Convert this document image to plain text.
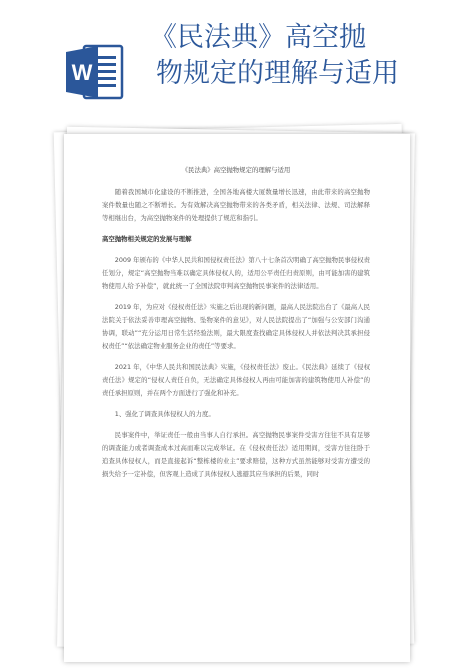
W
《民法典》高空抛
物规定的理解与适用
《民法典》高空抛物规定的理解与适用

随着我国城市化建设的不断推进，全国各地高楼大厦数量增长迅速，由此带来的高空抛物案件数量也随之不断增长。为有效解决高空抛物带来的各类矛盾，相关法律、法规、司法解释等相继出台，为高空抛物案件的处理提供了规范和指引。

高空抛物相关规定的发展与理解

2009 年颁布的《中华人民共和国侵权责任法》第八十七条首次明确了高空抛物民事侵权责任划分，规定“高空抛物当难以确定具体侵权人的，适用公平责任归责原则，由可能加害的建筑物使用人给予补偿”，就此统一了全国法院审判高空抛物民事案件的法律适用。

2019 年，为应对《侵权责任法》实施之后出现的新问题，最高人民法院出台了《最高人民法院关于依法妥善审理高空抛物、坠物案件的意见》，对人民法院提出了“加强与公安部门沟通协调，联动”“充分运用日常生活经验法则，最大限度查找确定具体侵权人并依法判决其承担侵权责任”“依法确定物业服务企业的责任”等要求。

2021 年，《中华人民共和国民法典》实施，《侵权责任法》废止。《民法典》延续了《侵权责任法》规定的“侵权人责任自负，无法确定具体侵权人再由可能加害的建筑物使用人补偿”的责任承担原则，并在两个方面进行了强化和补充。

1、强化了调查具体侵权人的力度。

民事案件中，举证责任一般由当事人自行承担。高空抛物民事案件受害方往往不具有足够的调查能力或者调查成本过高而难以完成举证。在《侵权责任法》适用期间，受害方往往卧于追查具体侵权人，而是直接起诉“整栋楼的业主”要求赔偿，这种方式虽然能够对受害方遭受的损失给予一定补偿，但客观上造成了具体侵权人逃避其应当承担的后果，同时
